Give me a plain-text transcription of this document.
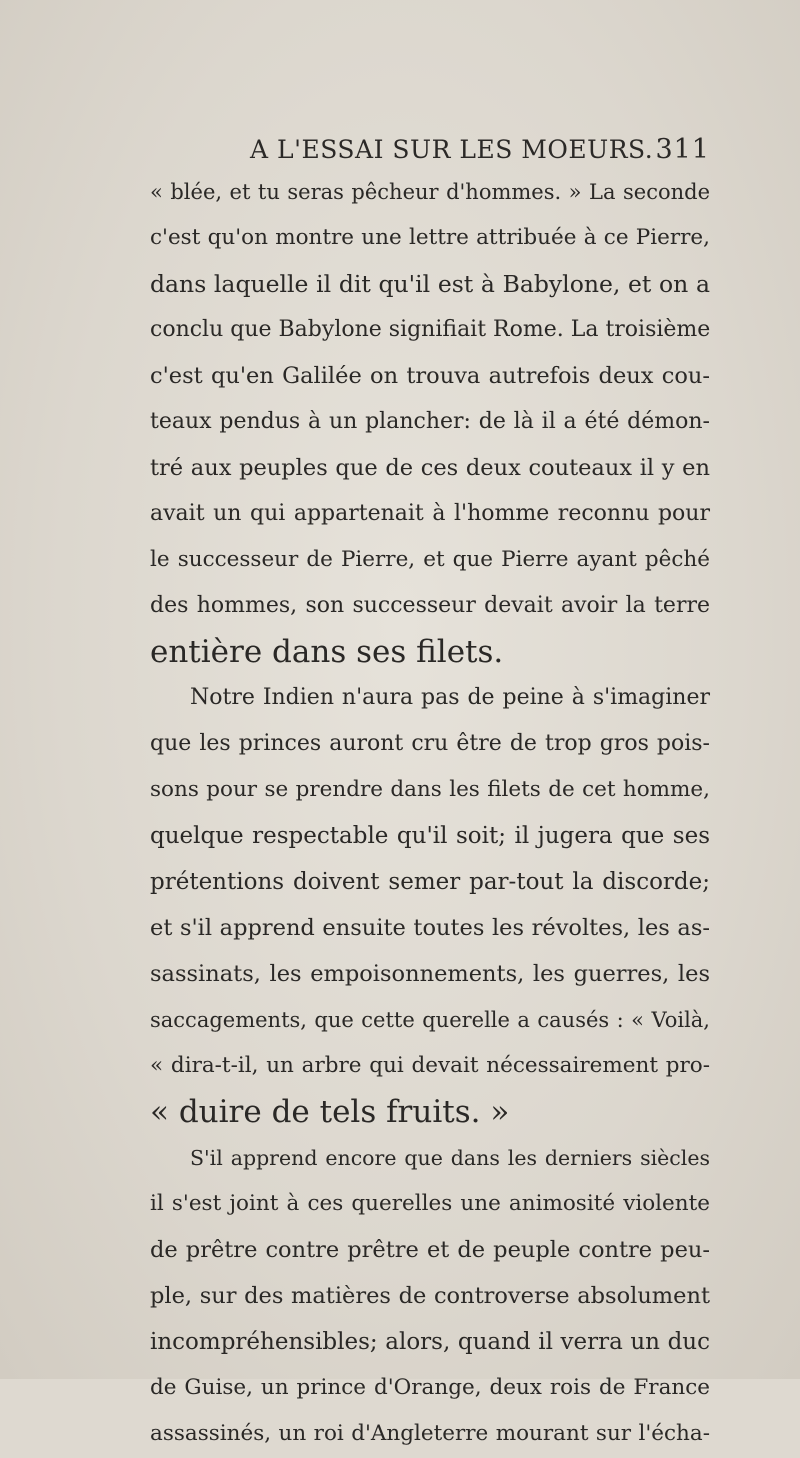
A L'ESSAI SUR LES MOEURS. 311
« blée, et tu seras pêcheur d'hommes. » La seconde
c'est qu'on montre une lettre attribuée à ce Pierre,
dans laquelle il dit qu'il est à Babylone, et on a
conclu que Babylone signifiait Rome. La troisième
c'est qu'en Galilée on trouva autrefois deux cou-
teaux pendus à un plancher: de là il a été démon-
tré aux peuples que de ces deux couteaux il y en
avait un qui appartenait à l'homme reconnu pour
le successeur de Pierre, et que Pierre ayant pêché
des hommes, son successeur devait avoir la terre
entière dans ses filets.
Notre Indien n'aura pas de peine à s'imaginer
que les princes auront cru être de trop gros pois-
sons pour se prendre dans les filets de cet homme,
quelque respectable qu'il soit; il jugera que ses
prétentions doivent semer par-tout la discorde;
et s'il apprend ensuite toutes les révoltes, les as-
sassinats, les empoisonnements, les guerres, les
saccagements, que cette querelle a causés : « Voilà,
« dira-t-il, un arbre qui devait nécessairement pro-
« duire de tels fruits. »
S'il apprend encore que dans les derniers siècles
il s'est joint à ces querelles une animosité violente
de prêtre contre prêtre et de peuple contre peu-
ple, sur des matières de controverse absolument
incompréhensibles; alors, quand il verra un duc
de Guise, un prince d'Orange, deux rois de France
assassinés, un roi d'Angleterre mourant sur l'écha-
